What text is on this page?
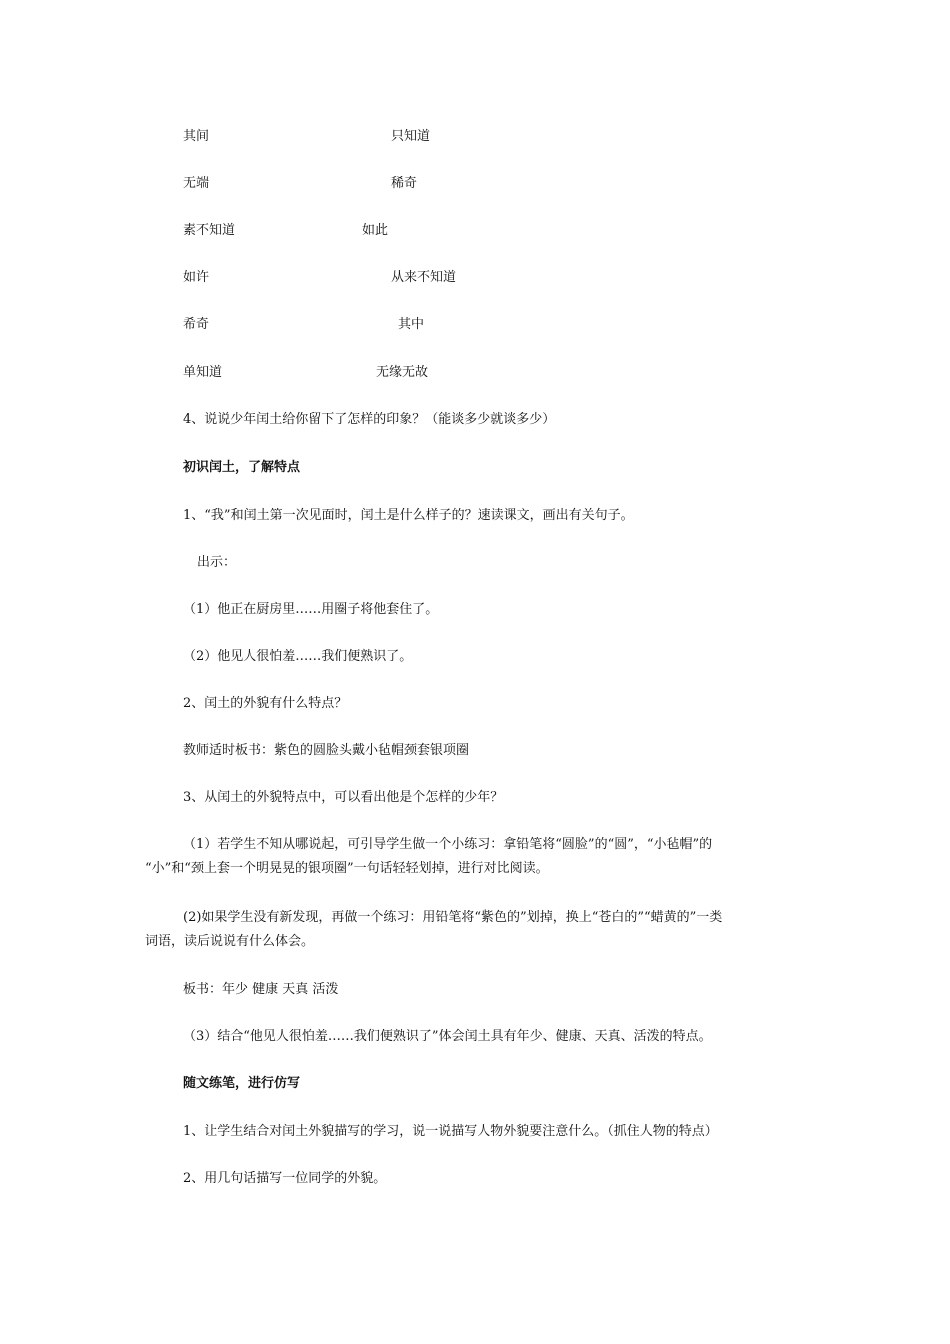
其间	只知道
无端	稀奇
素不知道	如此
如许	从来不知道
希奇	其中
单知道	无缘无故
4、说说少年闰土给你留下了怎样的印象？（能谈多少就谈多少）
初识闰土，了解特点
1、“我”和闰土第一次见面时，闰土是什么样子的？速读课文，画出有关句子。
出示：
（1）他正在厨房里……用圈子将他套住了。
（2）他见人很怕羞……我们便熟识了。
2、闰土的外貌有什么特点？
教师适时板书：紫色的圆脸头戴小毡帽颈套银项圈
3、从闰土的外貌特点中，可以看出他是个怎样的少年？
（1）若学生不知从哪说起，可引导学生做一个小练习：拿铅笔将“圆脸”的“圆”，“小毡帽”的
“小”和“颈上套一个明晃晃的银项圈”一句话轻轻划掉，进行对比阅读。
(2)如果学生没有新发现，再做一个练习：用铅笔将“紫色的”划掉，换上“苍白的”“蜡黄的”一类
词语，读后说说有什么体会。
板书：年少 健康 天真 活泼
（3）结合“他见人很怕羞……我们便熟识了”体会闰土具有年少、健康、天真、活泼的特点。
随文练笔，进行仿写
1、让学生结合对闰土外貌描写的学习，说一说描写人物外貌要注意什么。（抓住人物的特点）
2、用几句话描写一位同学的外貌。
